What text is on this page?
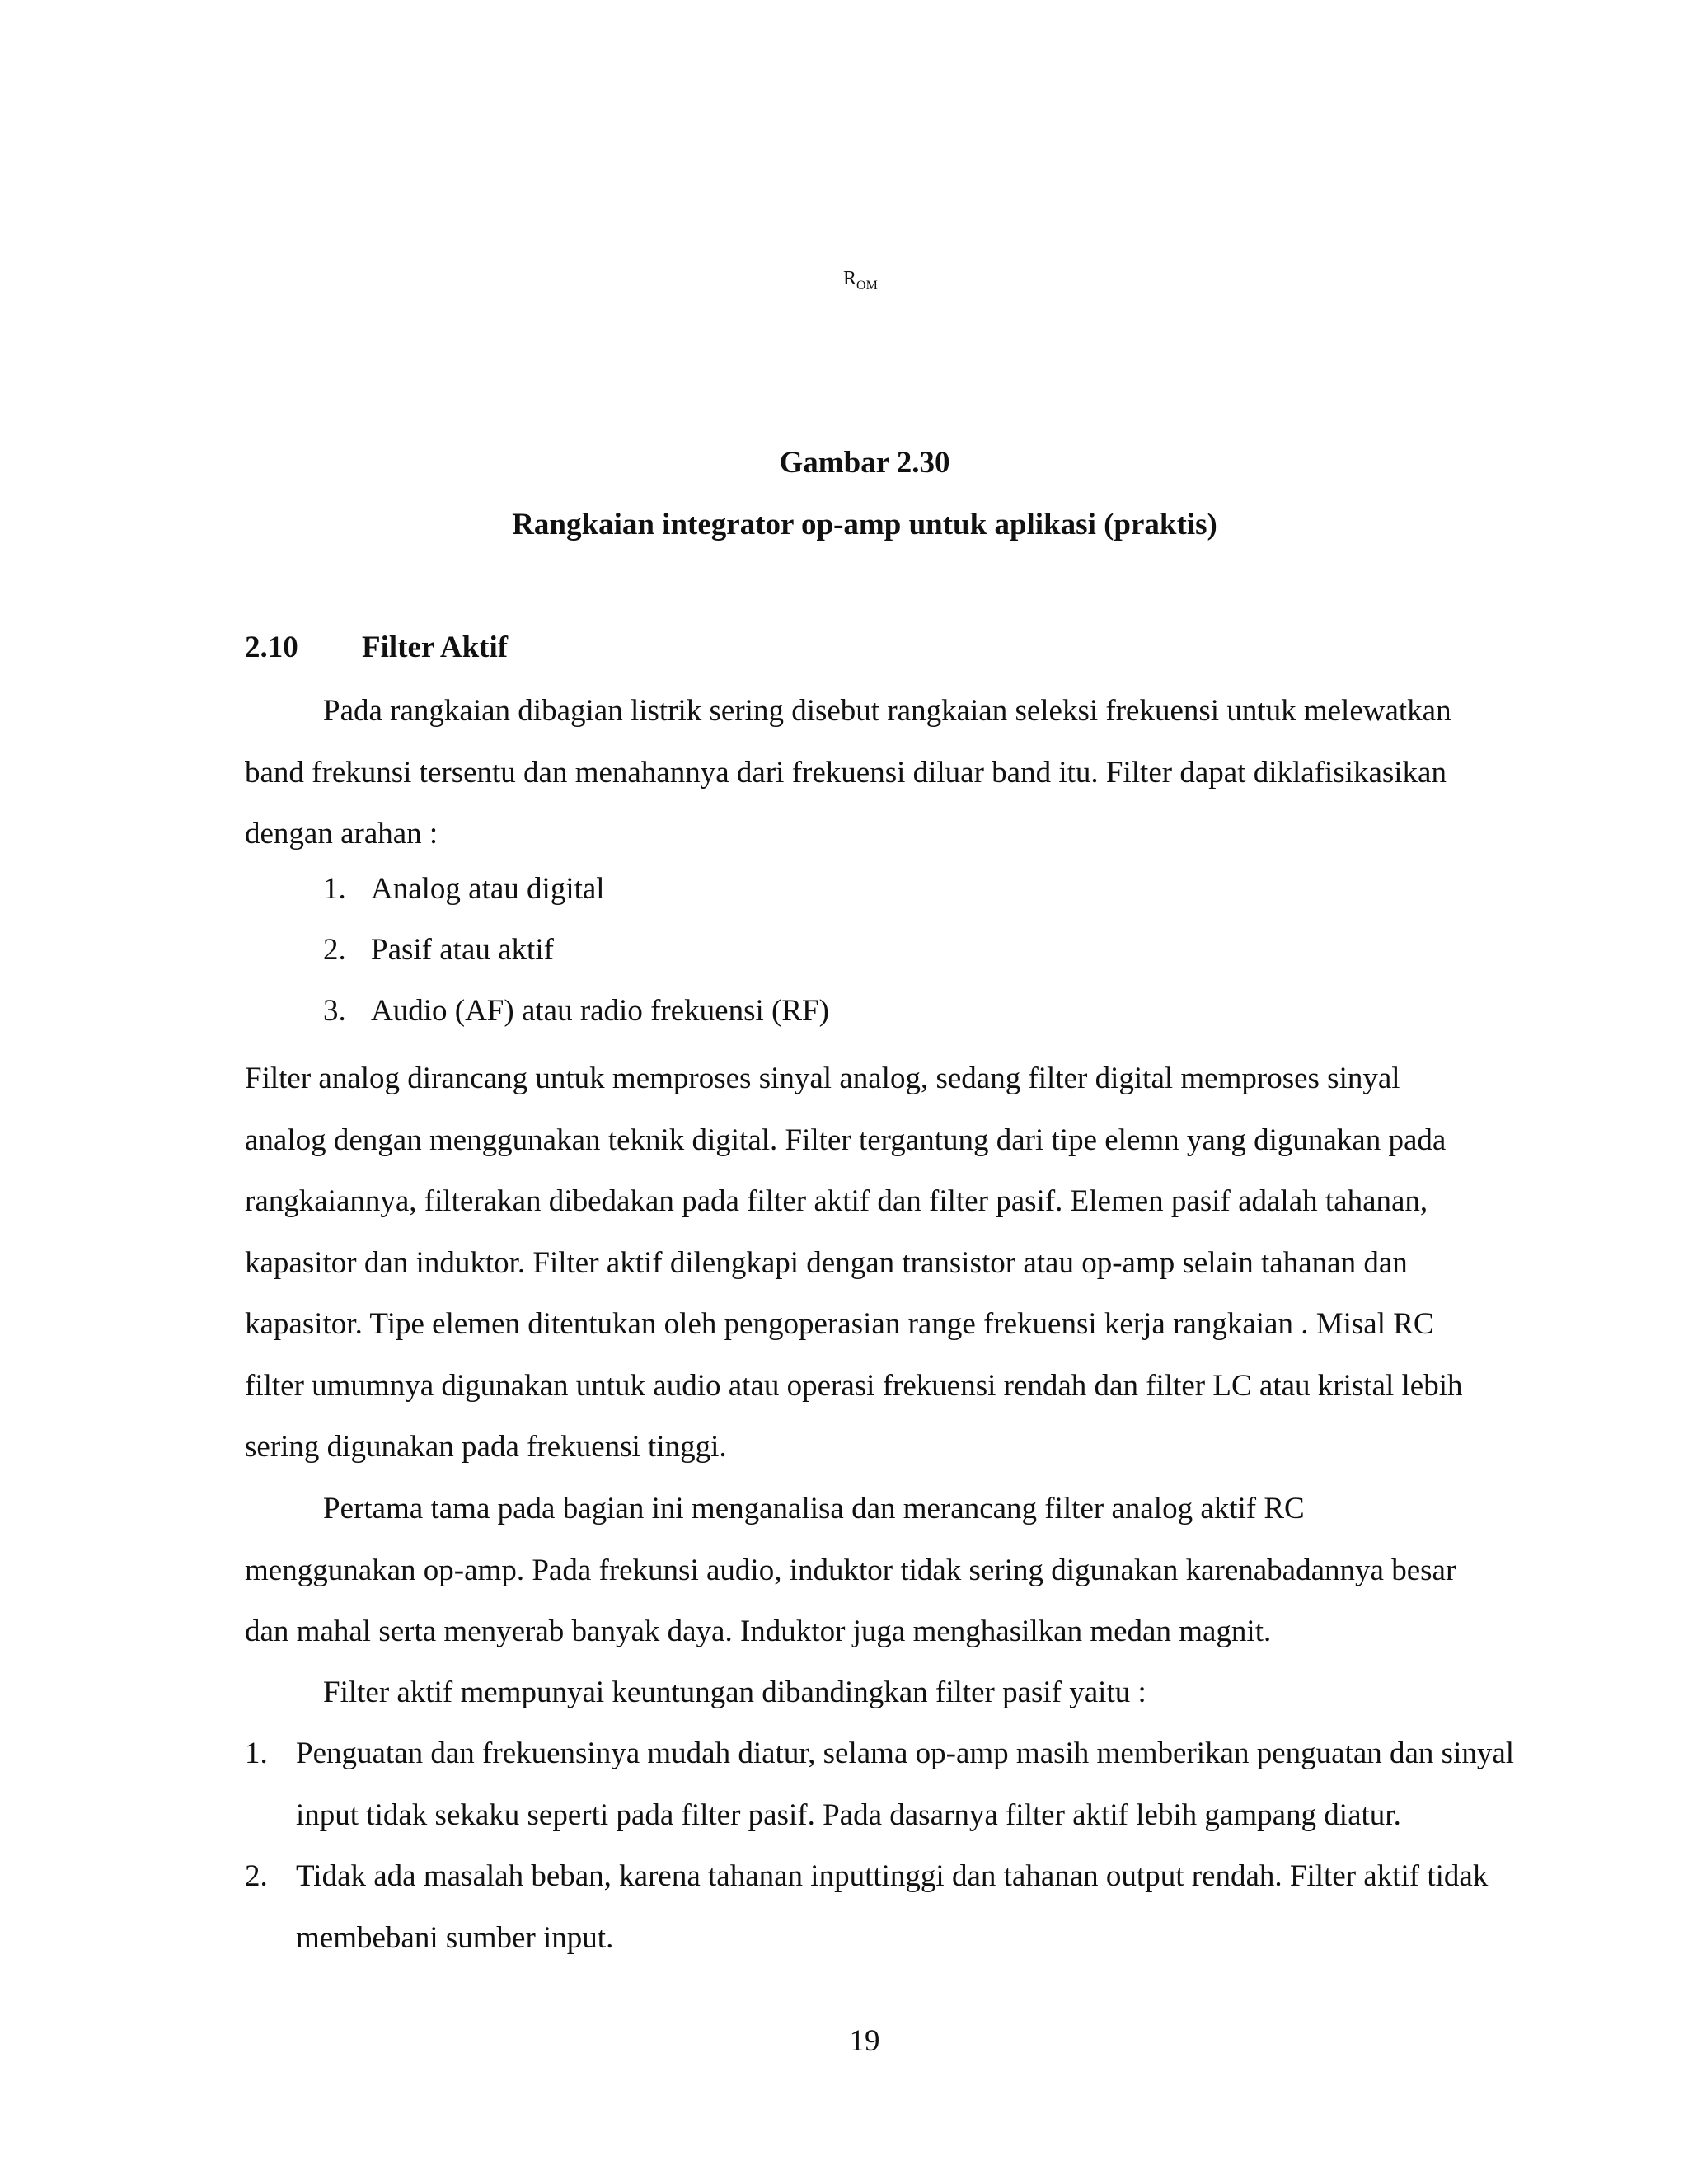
$R_{OM}$
Gambar 2.30
Rangkaian integrator op-amp untuk aplikasi (praktis)
2.10 Filter Aktif

Pada rangkaian dibagian listrik sering disebut rangkaian seleksi frekuensi untuk melewatkan band frekunsi tersentu dan menahannya dari frekuensi diluar band itu. Filter dapat diklafisikasikan dengan arahan :

1. Analog atau digital
2. Pasif atau aktif
3. Audio (AF) atau radio frekuensi (RF)

Filter analog dirancang untuk memproses sinyal analog, sedang filter digital memproses sinyal analog dengan menggunakan teknik digital. Filter tergantung dari tipe elemn yang digunakan pada rangkaiannya, filterakan dibedakan pada filter aktif dan filter pasif. Elemen pasif adalah tahanan, kapasitor dan induktor. Filter aktif dilengkapi dengan transistor atau op-amp selain tahanan dan kapasitor. Tipe elemen ditentukan oleh pengoperasian range frekuensi kerja rangkaian . Misal RC filter umumnya digunakan untuk audio atau operasi frekuensi rendah dan filter LC atau kristal lebih sering digunakan pada frekuensi tinggi.

Pertama tama pada bagian ini menganalisa dan merancang filter analog aktif RC menggunakan op-amp. Pada frekunsi audio, induktor tidak sering digunakan karenabadannya besar dan mahal serta menyerab banyak daya. Induktor juga menghasilkan medan magnit.

Filter aktif mempunyai keuntungan dibandingkan filter pasif yaitu :

1. Penguatan dan frekuensinya mudah diatur, selama op-amp masih memberikan penguatan dan sinyal input tidak sekaku seperti pada filter pasif. Pada dasarnya filter aktif lebih gampang diatur.
2. Tidak ada masalah beban, karena tahanan inputtinggi dan tahanan output rendah. Filter aktif tidak membebani sumber input.
19
